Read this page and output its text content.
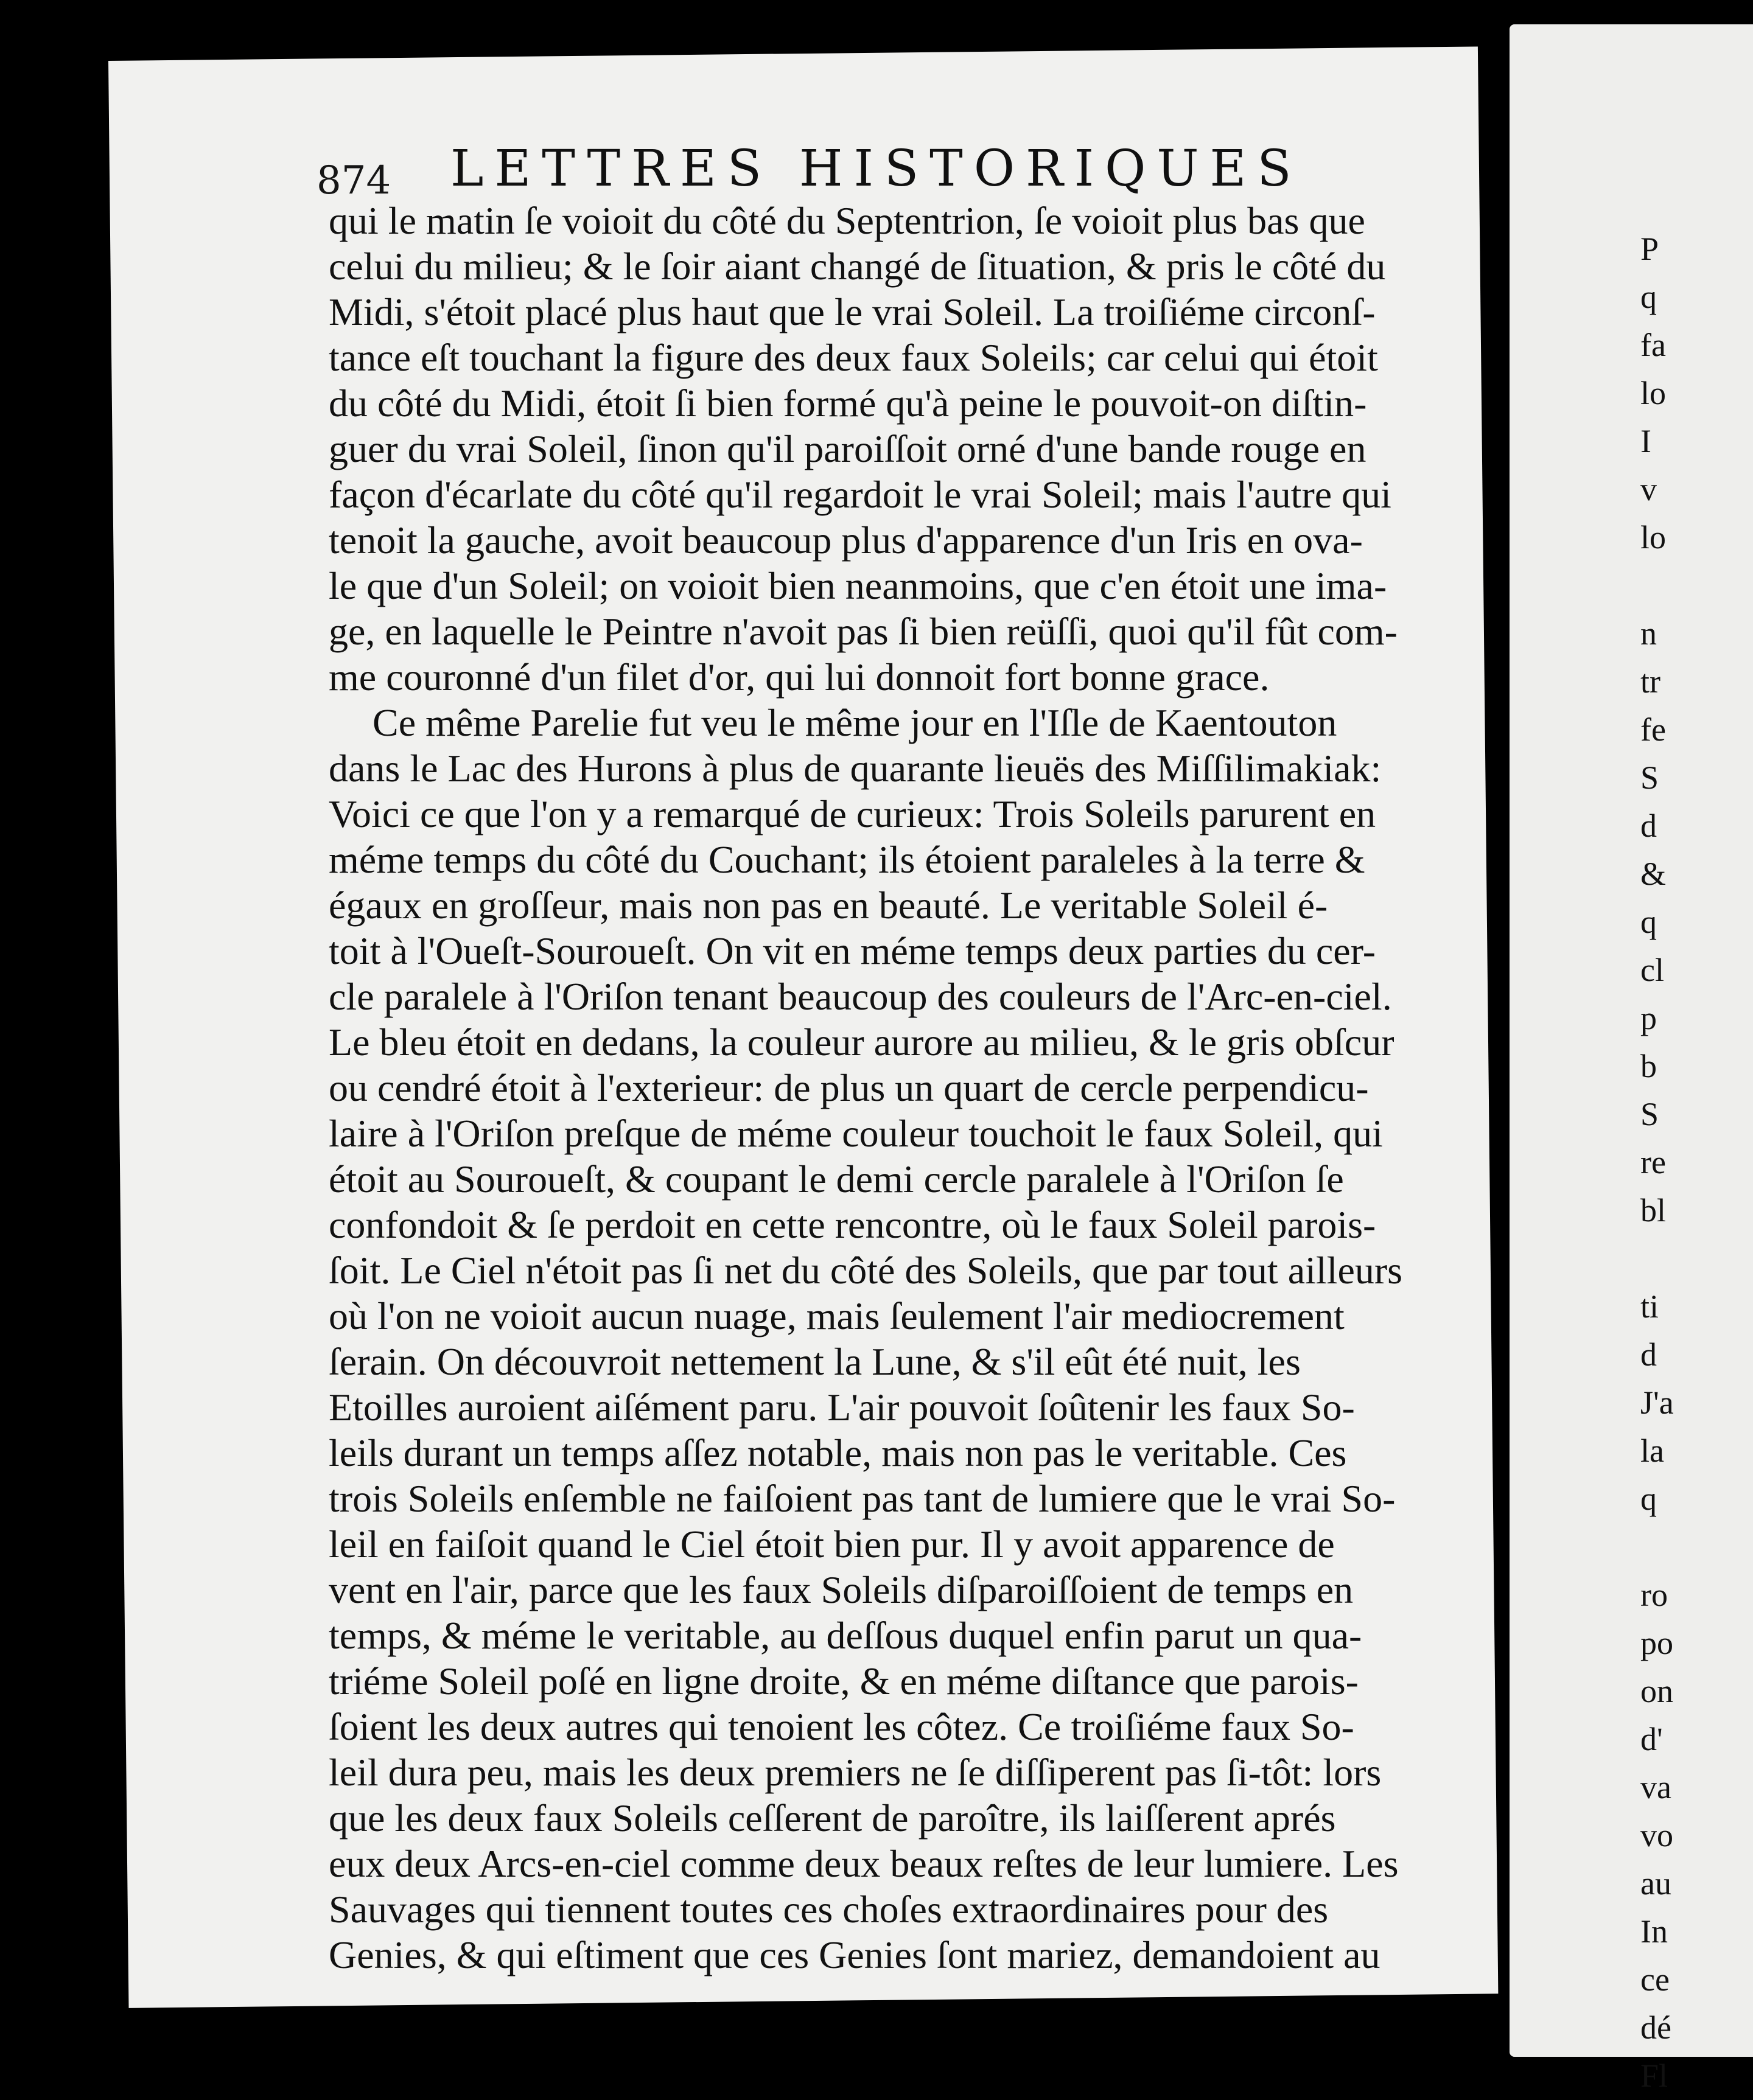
874 LETTRES HISTORIQUES
qui le matin ſe voioit du côté du Septentrion, ſe voioit plus bas que
celui du milieu; & le ſoir aiant changé de ſituation, & pris le côté du
Midi, s'étoit placé plus haut que le vrai Soleil. La troiſiéme circonſ-
tance eſt touchant la figure des deux faux Soleils; car celui qui étoit
du côté du Midi, étoit ſi bien formé qu'à peine le pouvoit-on diſtin-
guer du vrai Soleil, ſinon qu'il paroiſſoit orné d'une bande rouge en
façon d'écarlate du côté qu'il regardoit le vrai Soleil; mais l'autre qui
tenoit la gauche, avoit beaucoup plus d'apparence d'un Iris en ova-
le que d'un Soleil; on voioit bien neanmoins, que c'en étoit une ima-
ge, en laquelle le Peintre n'avoit pas ſi bien reüſſi, quoi qu'il fût com-
me couronné d'un filet d'or, qui lui donnoit fort bonne grace.
Ce même Parelie fut veu le même jour en l'Iſle de Kaentouton
dans le Lac des Hurons à plus de quarante lieuës des Miſſilimakiak:
Voici ce que l'on y a remarqué de curieux: Trois Soleils parurent en
méme temps du côté du Couchant; ils étoient paraleles à la terre &
égaux en groſſeur, mais non pas en beauté. Le veritable Soleil é-
toit à l'Oueſt-Souroueſt. On vit en méme temps deux parties du cer-
cle paralele à l'Oriſon tenant beaucoup des couleurs de l'Arc-en-ciel.
Le bleu étoit en dedans, la couleur aurore au milieu, & le gris obſcur
ou cendré étoit à l'exterieur: de plus un quart de cercle perpendicu-
laire à l'Oriſon preſque de méme couleur touchoit le faux Soleil, qui
étoit au Souroueſt, & coupant le demi cercle paralele à l'Oriſon ſe
confondoit & ſe perdoit en cette rencontre, où le faux Soleil parois-
ſoit. Le Ciel n'étoit pas ſi net du côté des Soleils, que par tout ailleurs
où l'on ne voioit aucun nuage, mais ſeulement l'air mediocrement
ſerain. On découvroit nettement la Lune, & s'il eût été nuit, les
Etoilles auroient aiſément paru. L'air pouvoit ſoûtenir les faux So-
leils durant un temps aſſez notable, mais non pas le veritable. Ces
trois Soleils enſemble ne faiſoient pas tant de lumiere que le vrai So-
leil en faiſoit quand le Ciel étoit bien pur. Il y avoit apparence de
vent en l'air, parce que les faux Soleils diſparoiſſoient de temps en
temps, & méme le veritable, au deſſous duquel enfin parut un qua-
triéme Soleil poſé en ligne droite, & en méme diſtance que parois-
ſoient les deux autres qui tenoient les côtez. Ce troiſiéme faux So-
leil dura peu, mais les deux premiers ne ſe diſſiperent pas ſi-tôt: lors
que les deux faux Soleils ceſſerent de paroître, ils laiſſerent aprés
eux deux Arcs-en-ciel comme deux beaux reſtes de leur lumiere. Les
Sauvages qui tiennent toutes ces choſes extraordinaires pour des
Genies, & qui eſtiment que ces Genies ſont mariez, demandoient au
P
q
fa
lo
I
v
lo
n
tr
fe
S
d
&
q
cl
p
b
S
re
bl
ti
d
J'a
la
q
ro
po
on
d'
va
vo
au
In
ce
dé
Fl
